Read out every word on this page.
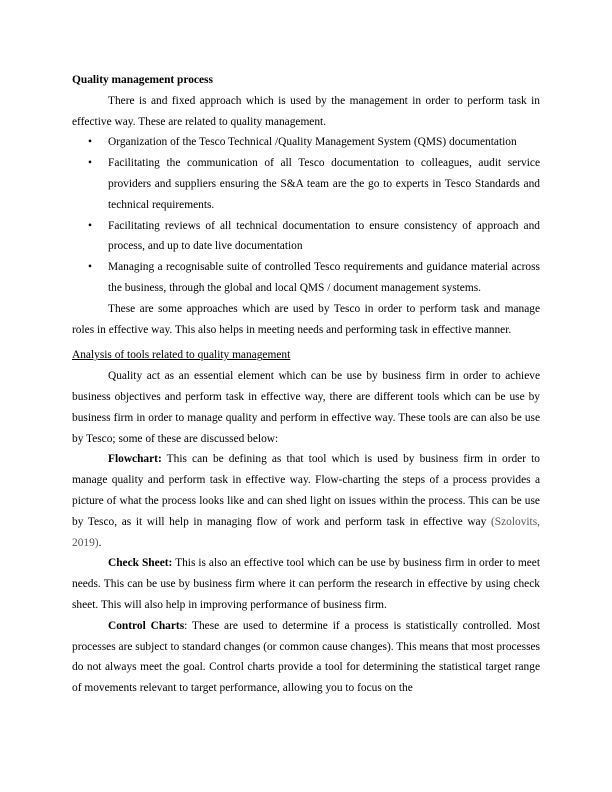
Quality management process

There is and fixed approach which is used by the management in order to perform task in effective way. These are related to quality management.

• Organization of the Tesco Technical /Quality Management System (QMS) documentation
• Facilitating the communication of all Tesco documentation to colleagues, audit service providers and suppliers ensuring the S&A team are the go to experts in Tesco Standards and technical requirements.
• Facilitating reviews of all technical documentation to ensure consistency of approach and process, and up to date live documentation
• Managing a recognisable suite of controlled Tesco requirements and guidance material across the business, through the global and local QMS / document management systems.

These are some approaches which are used by Tesco in order to perform task and manage roles in effective way. This also helps in meeting needs and performing task in effective manner.

Analysis of tools related to quality management

Quality act as an essential element which can be use by business firm in order to achieve business objectives and perform task in effective way, there are different tools which can be use by business firm in order to manage quality and perform in effective way. These tools are can also be use by Tesco; some of these are discussed below:

Flowchart: This can be defining as that tool which is used by business firm in order to manage quality and perform task in effective way. Flow-charting the steps of a process provides a picture of what the process looks like and can shed light on issues within the process. This can be use by Tesco, as it will help in managing flow of work and perform task in effective way (Szolovits, 2019).

Check Sheet: This is also an effective tool which can be use by business firm in order to meet needs. This can be use by business firm where it can perform the research in effective by using check sheet. This will also help in improving performance of business firm.

Control Charts: These are used to determine if a process is statistically controlled. Most processes are subject to standard changes (or common cause changes). This means that most processes do not always meet the goal. Control charts provide a tool for determining the statistical target range of movements relevant to target performance, allowing you to focus on the
